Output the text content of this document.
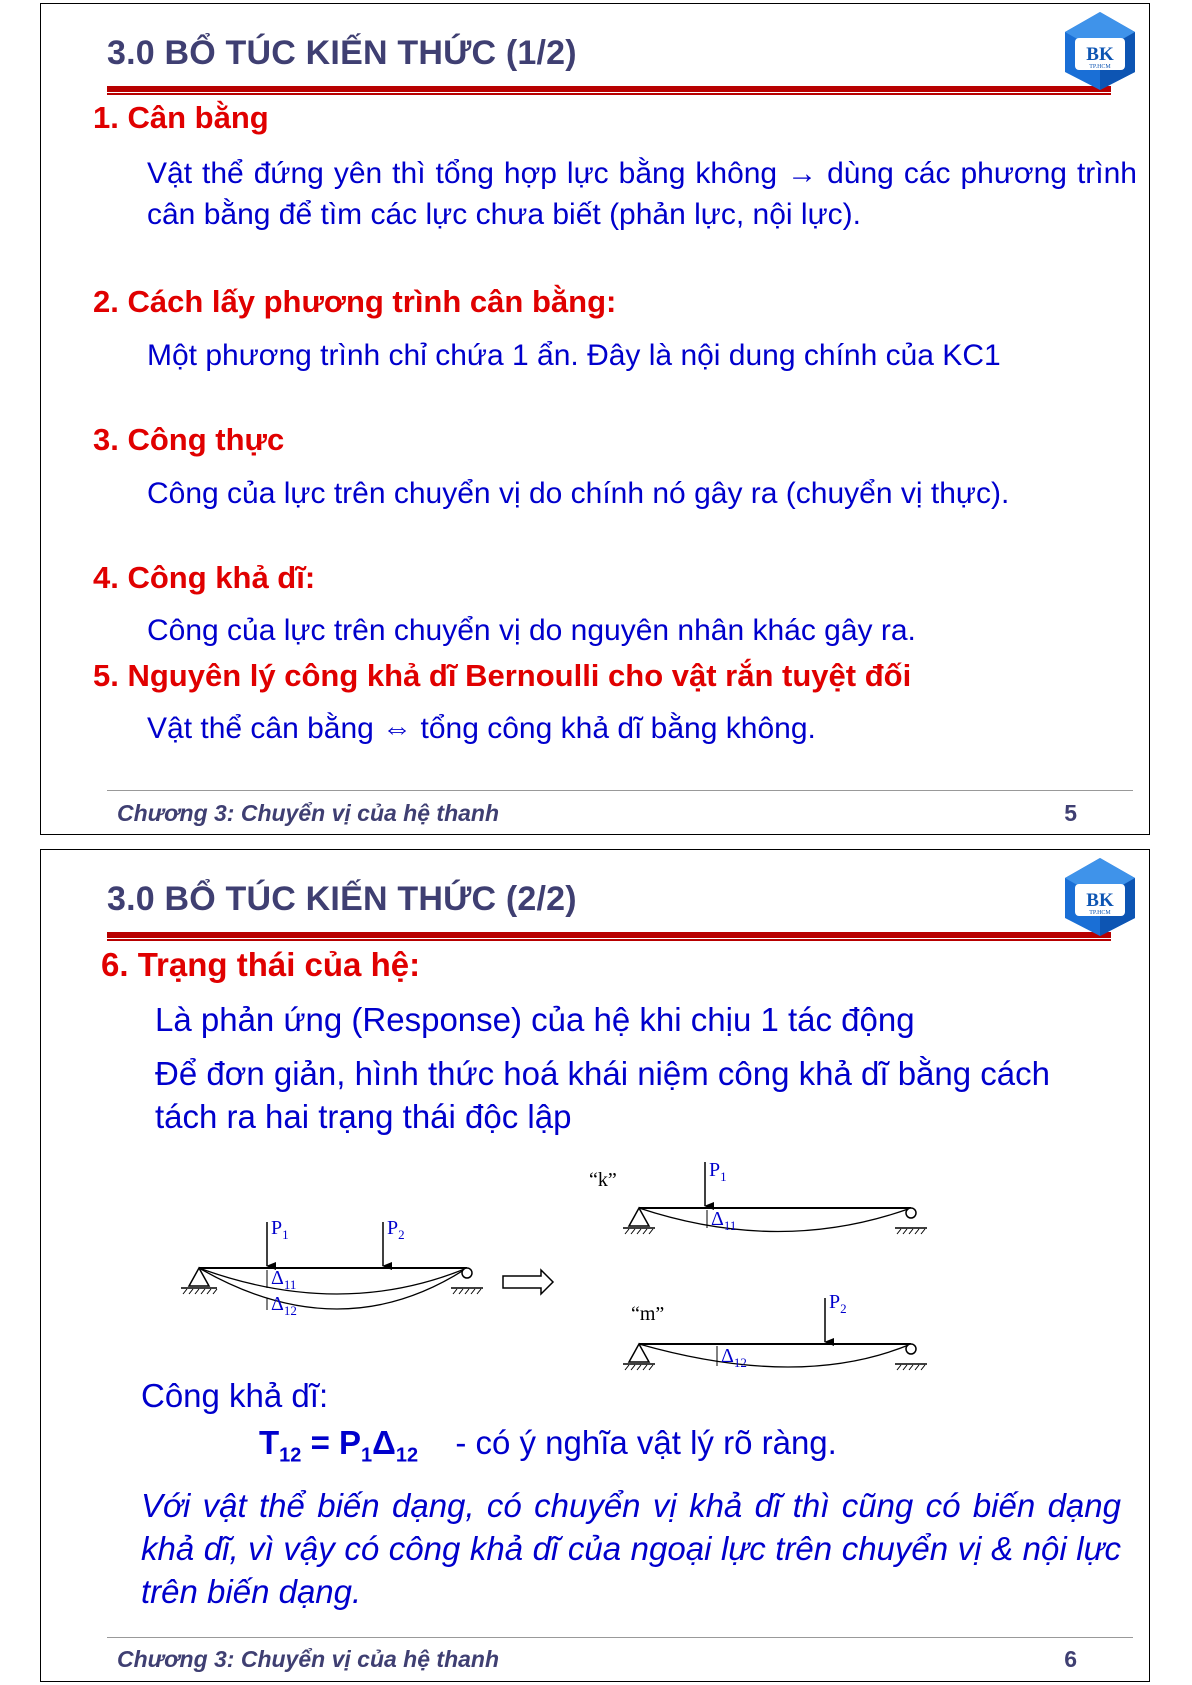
3.0 BỔ TÚC KIẾN THỨC (1/2)	BK
TP.HCM
1. Cân bằng
Vật thể đứng yên thì tổng hợp lực bằng không → dùng các phương trình cân bằng để tìm các lực chưa biết (phản lực, nội lực).
2. Cách lấy phương trình cân bằng:
Một phương trình chỉ chứa 1 ẩn. Đây là nội dung chính của KC1
3. Công thực
Công của lực trên chuyển vị do chính nó gây ra (chuyển vị thực).
4. Công khả dĩ:
Công của lực trên chuyển vị do nguyên nhân khác gây ra.
5. Nguyên lý công khả dĩ Bernoulli cho vật rắn tuyệt đối
Vật thể cân bằng ⇔ tổng công khả dĩ bằng không.
Chương 3: Chuyển vị của hệ thanh	5
3.0 BỔ TÚC KIẾN THỨC (2/2)	BK
TP.HCM
6. Trạng thái của hệ:
Là phản ứng (Response) của hệ khi chịu 1 tác động
Để đơn giản, hình thức hoá khái niệm công khả dĩ bằng cách tách ra hai trạng thái độc lập
$P_1$	$P_2$
$\Delta_{11}$
$\Delta_{12}$
“k”	$P_1$
$\Delta_{11}$
“m”
$P_2$
$\Delta_{12}$
Công khả dĩ:
$T_{12} = P_1\Delta_{12}$ - có ý nghĩa vật lý rõ ràng.
Với vật thể biến dạng, có chuyển vị khả dĩ thì cũng có biến dạng khả dĩ, vì vậy có công khả dĩ của ngoại lực trên chuyển vị & nội lực trên biến dạng.
Chương 3: Chuyển vị của hệ thanh	6
